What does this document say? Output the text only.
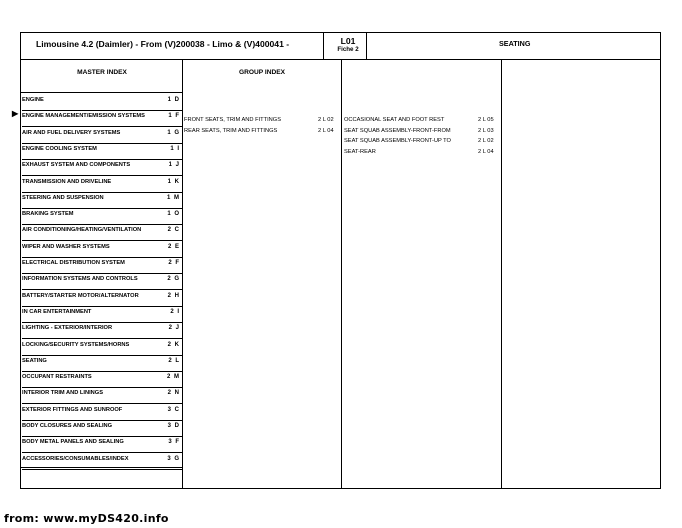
Limousine 4.2 (Daimler) - From (V)200038 - Limo & (V)400041 -	L01
Fiche 2
SEATING
MASTER INDEX	GROUP INDEX
▶
ENGINE	1 D
ENGINE MANAGEMENT/EMISSION SYSTEMS	1 F
AIR AND FUEL DELIVERY SYSTEMS	1 G
ENGINE COOLING SYSTEM	1 I
EXHAUST SYSTEM AND COMPONENTS	1 J
TRANSMISSION AND DRIVELINE	1 K
STEERING AND SUSPENSION	1 M
BRAKING SYSTEM	1 O
AIR CONDITIONING/HEATING/VENTILATION	2 C
WIPER AND WASHER SYSTEMS	2 E
ELECTRICAL DISTRIBUTION SYSTEM	2 F
INFORMATION SYSTEMS AND CONTROLS	2 G
BATTERY/STARTER MOTOR/ALTERNATOR	2 H
IN CAR ENTERTAINMENT	2 I
LIGHTING - EXTERIOR/INTERIOR	2 J
LOCKING/SECURITY SYSTEMS/HORNS	2 K
SEATING	2 L
OCCUPANT RESTRAINTS	2 M
INTERIOR TRIM AND LININGS	2 N
EXTERIOR FITTINGS AND SUNROOF	3 C
BODY CLOSURES AND SEALING	3 D
BODY METAL PANELS AND SEALING	3 F
ACCESSORIES/CONSUMABLES/INDEX	3 G
FRONT SEATS, TRIM AND FITTINGS	2 L 02
REAR SEATS, TRIM AND FITTINGS	2 L 04
OCCASIONAL SEAT AND FOOT REST	2 L 05
SEAT SQUAB ASSEMBLY-FRONT-FROM	2 L 03
SEAT SQUAB ASSEMBLY-FRONT-UP TO	2 L 02
SEAT-REAR	2 L 04
from: www.myDS420.info
